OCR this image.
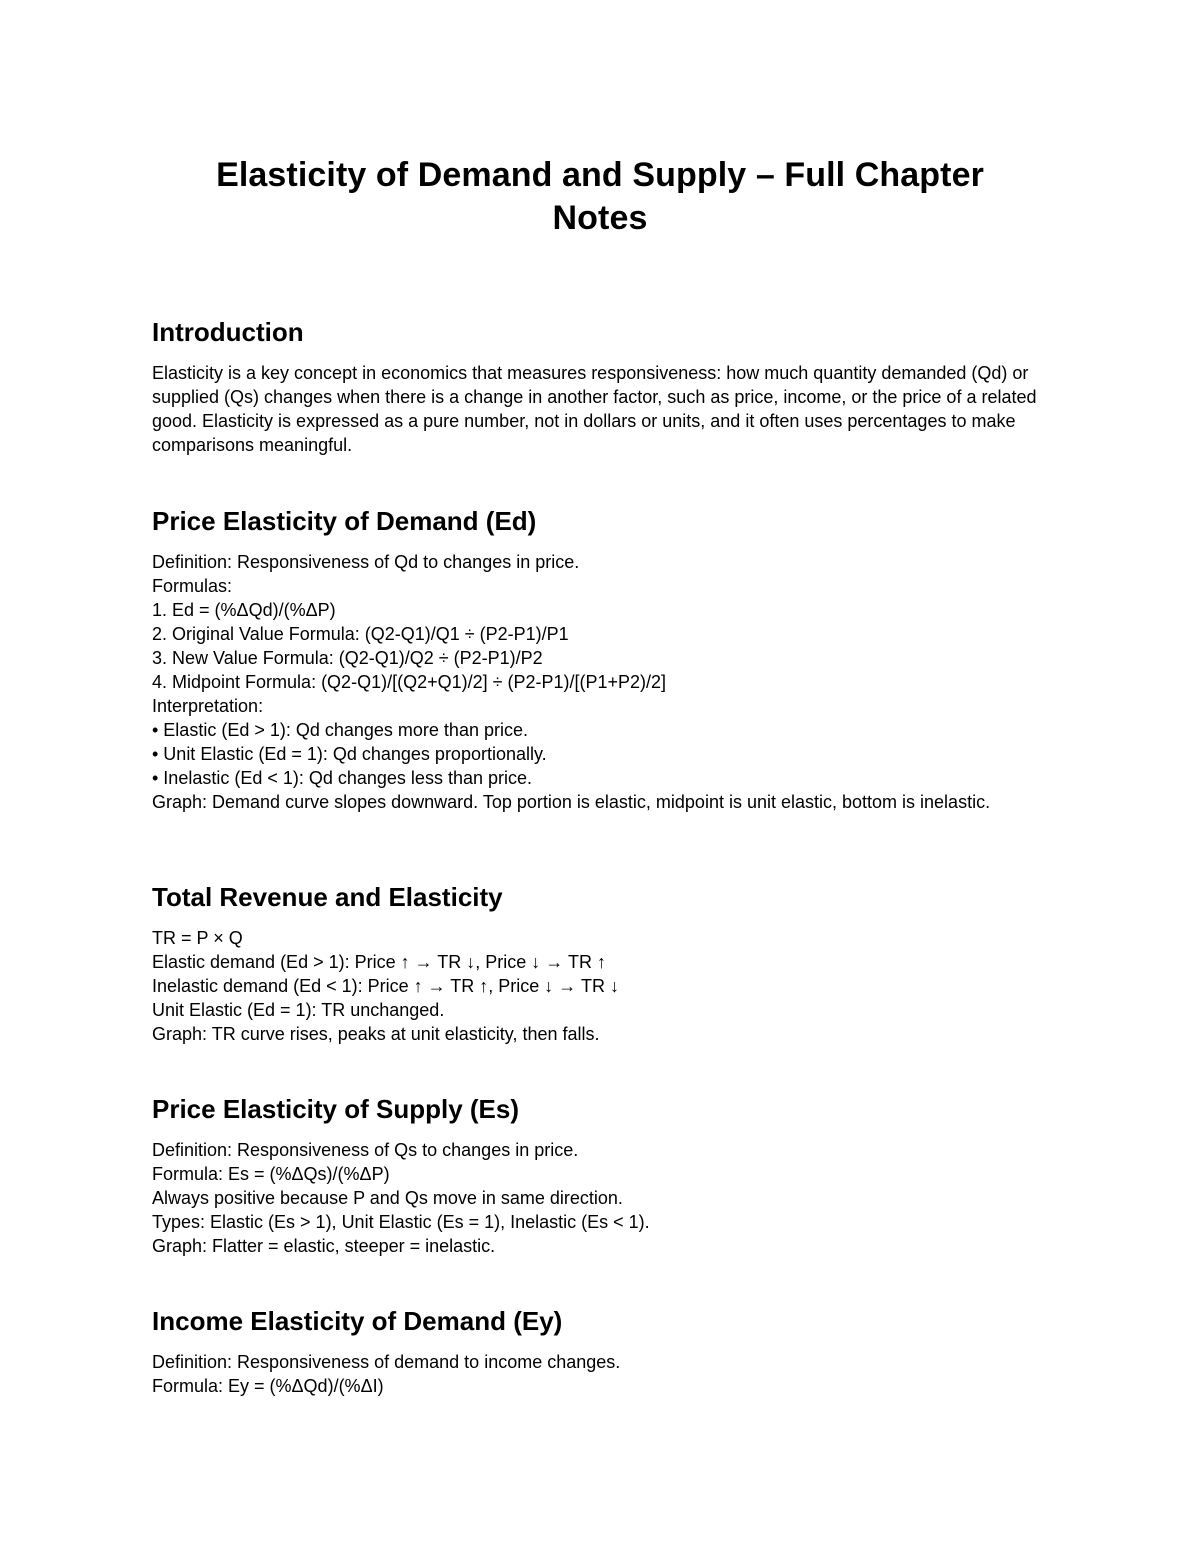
Elasticity of Demand and Supply – Full Chapter
Notes
Introduction

Elasticity is a key concept in economics that measures responsiveness: how much quantity demanded (Qd) or supplied (Qs) changes when there is a change in another factor, such as price, income, or the price of a related good. Elasticity is expressed as a pure number, not in dollars or units, and it often uses percentages to make comparisons meaningful.

Price Elasticity of Demand (Ed)

Definition: Responsiveness of Qd to changes in price.

Formulas:

1. Ed = (%ΔQd)/(%ΔP)

2. Original Value Formula: (Q2-Q1)/Q1 ÷ (P2-P1)/P1

3. New Value Formula: (Q2-Q1)/Q2 ÷ (P2-P1)/P2

4. Midpoint Formula: (Q2-Q1)/[(Q2+Q1)/2] ÷ (P2-P1)/[(P1+P2)/2]

Interpretation:

• Elastic (Ed > 1): Qd changes more than price.

• Unit Elastic (Ed = 1): Qd changes proportionally.

• Inelastic (Ed < 1): Qd changes less than price.

Graph: Demand curve slopes downward. Top portion is elastic, midpoint is unit elastic, bottom is inelastic.

Total Revenue and Elasticity

TR = P × Q

Elastic demand (Ed > 1): Price ↑ → TR ↓, Price ↓ → TR ↑

Inelastic demand (Ed < 1): Price ↑ → TR ↑, Price ↓ → TR ↓

Unit Elastic (Ed = 1): TR unchanged.

Graph: TR curve rises, peaks at unit elasticity, then falls.

Price Elasticity of Supply (Es)

Definition: Responsiveness of Qs to changes in price.

Formula: Es = (%ΔQs)/(%ΔP)

Always positive because P and Qs move in same direction.

Types: Elastic (Es > 1), Unit Elastic (Es = 1), Inelastic (Es < 1).

Graph: Flatter = elastic, steeper = inelastic.

Income Elasticity of Demand (Ey)

Definition: Responsiveness of demand to income changes.

Formula: Ey = (%ΔQd)/(%ΔI)
